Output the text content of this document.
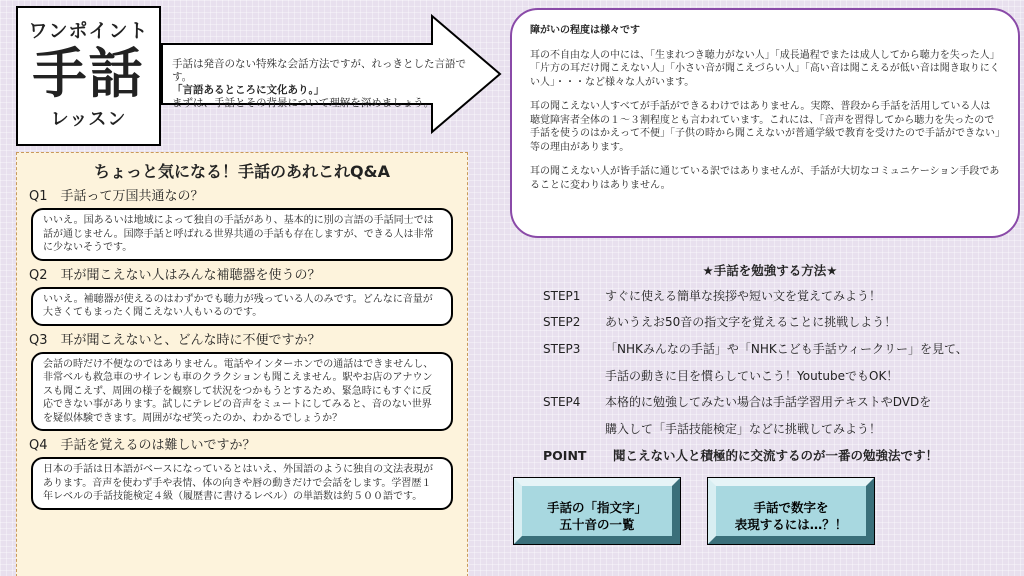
ワンポイント
手話
レッスン
手話は発音のない特殊な会話方法ですが、れっきとした言語です。
「言語あるところに文化あり。」
まずは、手話とその背景について理解を深めましょう。
ちょっと気になる！手話のあれこれQ&A
Q1　手話って万国共通なの？
いいえ。国あるいは地域によって独自の手話があり、基本的に別の言語の手話同士では話が通じません。国際手話と呼ばれる世界共通の手話も存在しますが、できる人は非常に少ないそうです。
Q2　耳が聞こえない人はみんな補聴器を使うの？
いいえ。補聴器が使えるのはわずかでも聴力が残っている人のみです。どんなに音量が大きくてもまったく聞こえない人もいるのです。
Q3　耳が聞こえないと、どんな時に不便ですか？
会話の時だけ不便なのではありません。電話やインターホンでの通話はできませんし、非常ベルも救急車のサイレンも車のクラクションも聞こえません。駅やお店のアナウンスも聞こえず、周囲の様子を観察して状況をつかもうとするため、緊急時にもすぐに反応できない事があります。試しにテレビの音声をミュートにしてみると、音のない世界を疑似体験できます。周囲がなぜ笑ったのか、わかるでしょうか？
Q4　手話を覚えるのは難しいですか？
日本の手話は日本語がベースになっているとはいえ、外国語のように独自の文法表現があります。音声を使わず手や表情、体の向きや唇の動きだけで会話をします。学習歴１年レベルの手話技能検定４級（履歴書に書けるレベル）の単語数は約５００語です。
障がいの程度は様々です

耳の不自由な人の中には、「生まれつき聴力がない人」「成長過程でまたは成人してから聴力を失った人」「片方の耳だけ聞こえない人」「小さい音が聞こえづらい人」「高い音は聞こえるが低い音は聞き取りにくい人」・・・など様々な人がいます。

耳の聞こえない人すべてが手話ができるわけではありません。実際、普段から手話を活用している人は聴覚障害者全体の１～３割程度とも言われています。これには、「音声を習得してから聴力を失ったので手話を使うのはかえって不便」「子供の時から聞こえないが普通学級で教育を受けたので手話ができない」等の理由があります。

耳の聞こえない人が皆手話に通じている訳ではありませんが、手話が大切なコミュニケーション手段であることに変わりはありません。

★手話を勉強する方法★
STEP1 すぐに使える簡単な挨拶や短い文を覚えてみよう！
STEP2 あいうえお50音の指文字を覚えることに挑戦しよう！
STEP3 「NHKみんなの手話」や「NHKこども手話ウィークリー」を見て、
手話の動きに目を慣らしていこう！YoutubeでもOK！
STEP4 本格的に勉強してみたい場合は手話学習用テキストやDVDを
購入して「手話技能検定」などに挑戦してみよう！
POINT 聞こえない人と積極的に交流するのが一番の勉強法です！
手話の「指文字」
五十音の一覧
手話で数字を
表現するには…？！
